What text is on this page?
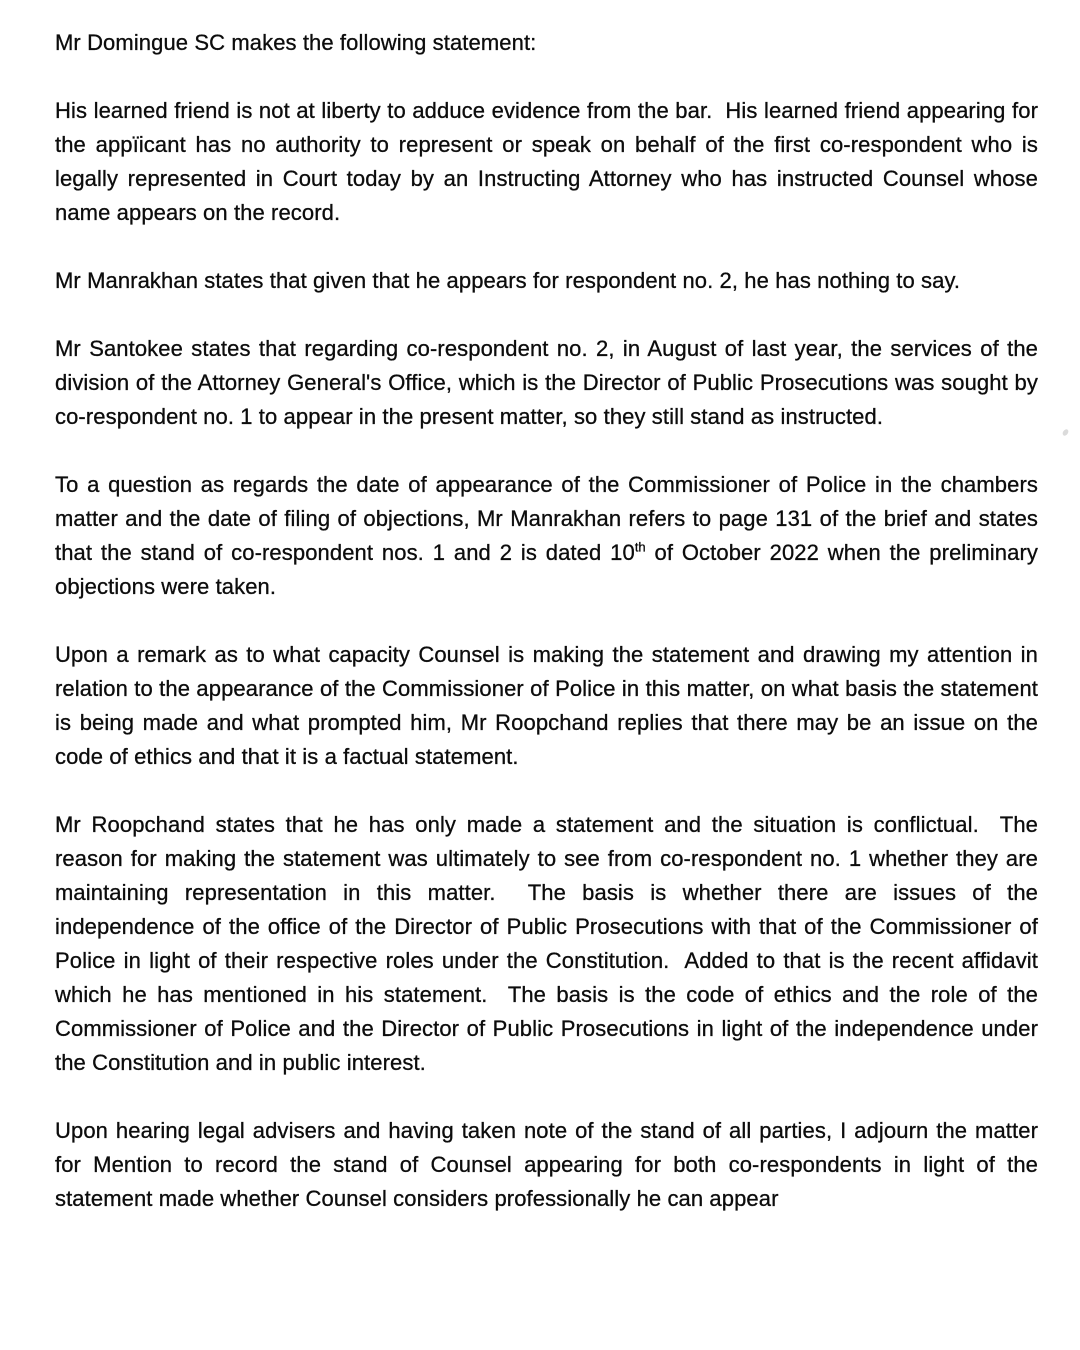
Mr Domingue SC makes the following statement:

His learned friend is not at liberty to adduce evidence from the bar.  His learned friend appearing for the appïicant has no authority to represent or speak on behalf of the first co-respondent who is legally represented in Court today by an Instructing Attorney who has instructed Counsel whose name appears on the record.

Mr Manrakhan states that given that he appears for respondent no. 2, he has nothing to say.

Mr Santokee states that regarding co-respondent no. 2, in August of last year, the services of the division of the Attorney General's Office, which is the Director of Public Prosecutions was sought by co-respondent no. 1 to appear in the present matter, so they still stand as instructed.

To a question as regards the date of appearance of the Commissioner of Police in the chambers matter and the date of filing of objections, Mr Manrakhan refers to page 131 of the brief and states that the stand of co-respondent nos. 1 and 2 is dated 10th of October 2022 when the preliminary objections were taken.

Upon a remark as to what capacity Counsel is making the statement and drawing my attention in relation to the appearance of the Commissioner of Police in this matter, on what basis the statement is being made and what prompted him, Mr Roopchand replies that there may be an issue on the code of ethics and that it is a factual statement.

Mr Roopchand states that he has only made a statement and the situation is conflictual.  The reason for making the statement was ultimately to see from co-respondent no. 1 whether they are maintaining representation in this matter.  The basis is whether there are issues of the independence of the office of the Director of Public Prosecutions with that of the Commissioner of Police in light of their respective roles under the Constitution.  Added to that is the recent affidavit which he has mentioned in his statement.  The basis is the code of ethics and the role of the Commissioner of Police and the Director of Public Prosecutions in light of the independence under the Constitution and in public interest.

Upon hearing legal advisers and having taken note of the stand of all parties, I adjourn the matter for Mention to record the stand of Counsel appearing for both co-respondents in light of the statement made whether Counsel considers professionally he can appear
